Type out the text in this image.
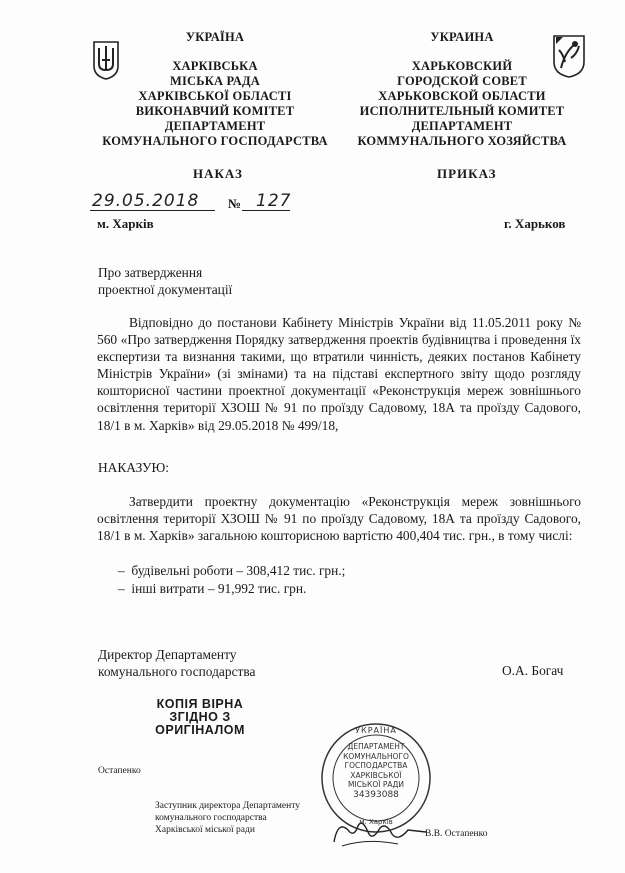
УКРАЇНА
ХАРКІВСЬКА
МІСЬКА РАДА
ХАРКІВСЬКОЇ ОБЛАСТІ
ВИКОНАВЧИЙ КОМІТЕТ
ДЕПАРТАМЕНТ
КОМУНАЛЬНОГО ГОСПОДАРСТВА
УКРАИНА
ХАРЬКОВСКИЙ
ГОРОДСКОЙ СОВЕТ
ХАРЬКОВСКОЙ ОБЛАСТИ
ИСПОЛНИТЕЛЬНЫЙ КОМИТЕТ
ДЕПАРТАМЕНТ
КОММУНАЛЬНОГО ХОЗЯЙСТВА
НАКАЗ	ПРИКАЗ
29.05.2018 № 127
м. Харків	г. Харьков
Про затвердження
проектної документації

Відповідно до постанови Кабінету Міністрів України від 11.05.2011 року № 560 «Про затвердження Порядку затвердження проектів будівництва і проведення їх експертизи та визнання такими, що втратили чинність, деяких постанов Кабінету Міністрів України» (зі змінами) та на підставі експертного звіту щодо розгляду кошторисної частини проектної документації «Реконструкція мереж зовнішнього освітлення території ХЗОШ № 91 по проїзду Садовому, 18А та проїзду Садового, 18/1 в м. Харків» від 29.05.2018 № 499/18,

НАКАЗУЮ:

Затвердити проектну документацію «Реконструкція мереж зовнішнього освітлення території ХЗОШ № 91 по проїзду Садовому, 18А та проїзду Садового, 18/1 в м. Харків» загальною кошторисною вартістю 400,404 тис. грн., в тому числі:

–  будівельні роботи – 308,412 тис. грн.;
–  інші витрати – 91,992 тис. грн.
Директор Департаменту
комунального господарства	О.А. Богач
КОПІЯ ВІРНА
ЗГІДНО З
ОРИГІНАЛОМ
Остапенко
Заступник директора Департаменту
комунального господарства
Харківської міської ради	В.В. Остапенко
УКРАЇНА
ДЕПАРТАМЕНТ
КОМУНАЛЬНОГО
ГОСПОДАРСТВА
ХАРКІВСЬКОЇ
МІСЬКОЇ РАДИ
34393088
м. Харків
